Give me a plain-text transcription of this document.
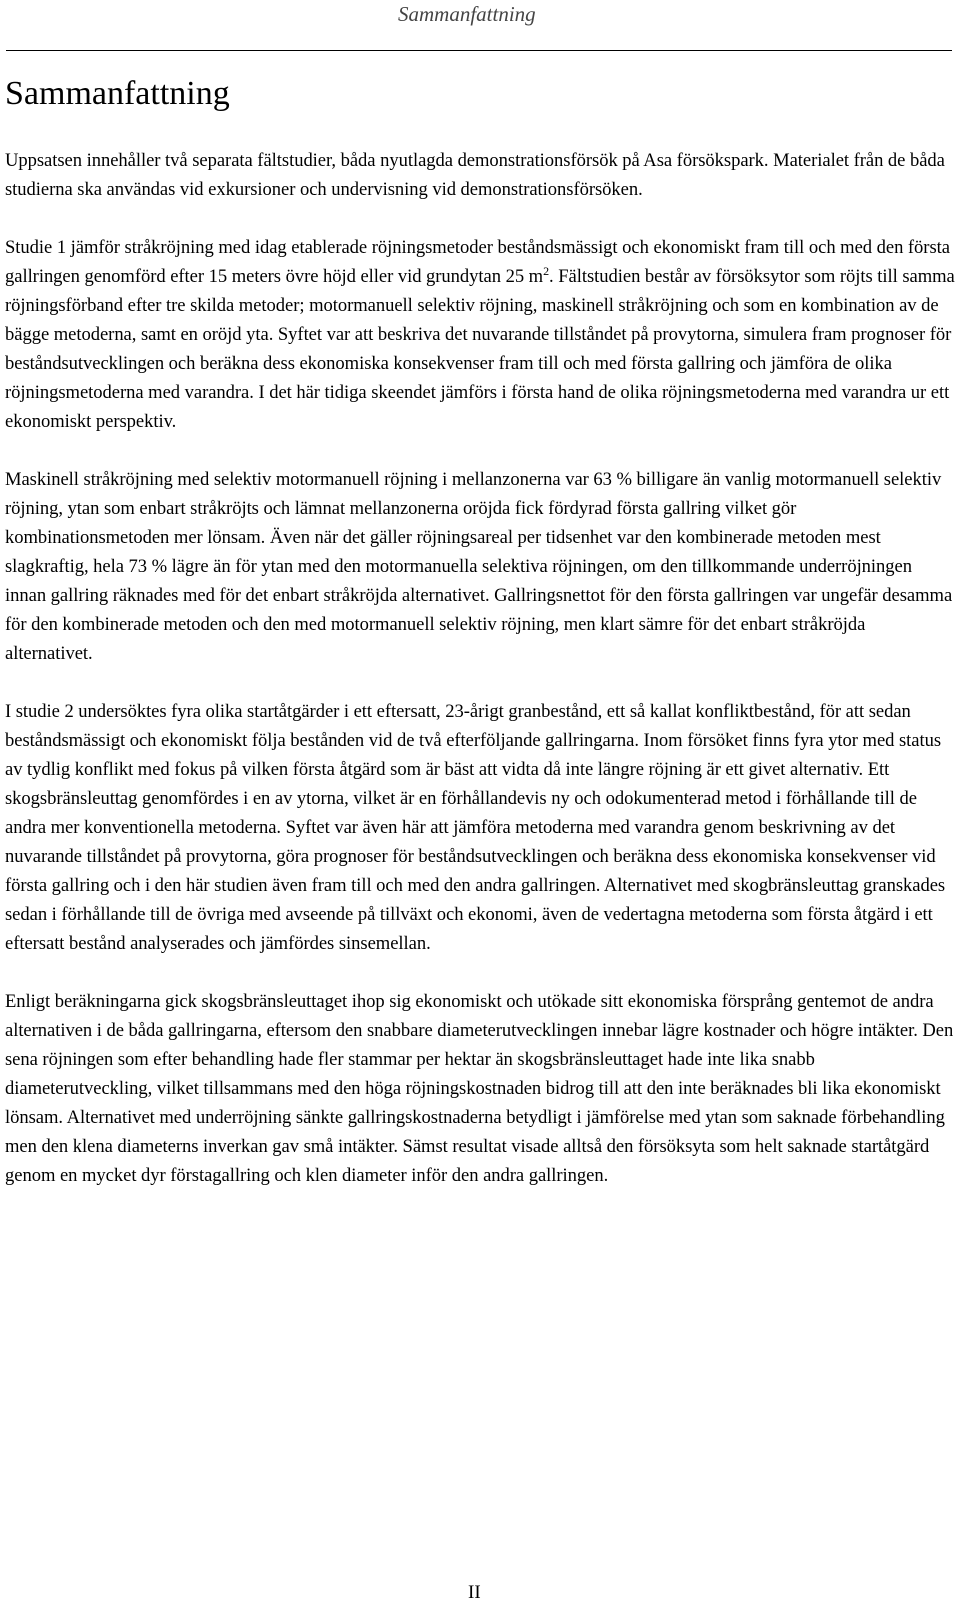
Sammanfattning
Sammanfattning

Uppsatsen innehåller två separata fältstudier, båda nyutlagda demonstrationsförsök på Asa försökspark. Materialet från de båda studierna ska användas vid exkursioner och undervisning vid demonstrationsförsöken.

Studie 1 jämför stråkröjning med idag etablerade röjningsmetoder beståndsmässigt och ekonomiskt fram till och med den första gallringen genomförd efter 15 meters övre höjd eller vid grundytan 25 $m^2$. Fältstudien består av försöksytor som röjts till samma röjningsförband efter tre skilda metoder; motormanuell selektiv röjning, maskinell stråkröjning och som en kombination av de bägge metoderna, samt en oröjd yta. Syftet var att beskriva det nuvarande tillståndet på provytorna, simulera fram prognoser för beståndsutvecklingen och beräkna dess ekonomiska konsekvenser fram till och med första gallring och jämföra de olika röjningsmetoderna med varandra. I det här tidiga skeendet jämförs i första hand de olika röjningsmetoderna med varandra ur ett ekonomiskt perspektiv.

Maskinell stråkröjning med selektiv motormanuell röjning i mellanzonerna var 63 % billigare än vanlig motormanuell selektiv röjning, ytan som enbart stråkröjts och lämnat mellanzonerna oröjda fick fördyrad första gallring vilket gör kombinationsmetoden mer lönsam. Även när det gäller röjningsareal per tidsenhet var den kombinerade metoden mest slagkraftig, hela 73 % lägre än för ytan med den motormanuella selektiva röjningen, om den tillkommande underröjningen innan gallring räknades med för det enbart stråkröjda alternativet. Gallringsnettot för den första gallringen var ungefär desamma för den kombinerade metoden och den med motormanuell selektiv röjning, men klart sämre för det enbart stråkröjda alternativet.

I studie 2 undersöktes fyra olika startåtgärder i ett eftersatt, 23-årigt granbestånd, ett så kallat konfliktbestånd, för att sedan beståndsmässigt och ekonomiskt följa bestånden vid de två efterföljande gallringarna. Inom försöket finns fyra ytor med status av tydlig konflikt med fokus på vilken första åtgärd som är bäst att vidta då inte längre röjning är ett givet alternativ. Ett skogsbränsleuttag genomfördes i en av ytorna, vilket är en förhållandevis ny och odokumenterad metod i förhållande till de andra mer konventionella metoderna. Syftet var även här att jämföra metoderna med varandra genom beskrivning av det nuvarande tillståndet på provytorna, göra prognoser för beståndsutvecklingen och beräkna dess ekonomiska konsekvenser vid första gallring och i den här studien även fram till och med den andra gallringen. Alternativet med skogbränsleuttag granskades sedan i förhållande till de övriga med avseende på tillväxt och ekonomi, även de vedertagna metoderna som första åtgärd i ett eftersatt bestånd analyserades och jämfördes sinsemellan.

Enligt beräkningarna gick skogsbränsleuttaget ihop sig ekonomiskt och utökade sitt ekonomiska försprång gentemot de andra alternativen i de båda gallringarna, eftersom den snabbare diameterutvecklingen innebar lägre kostnader och högre intäkter. Den sena röjningen som efter behandling hade fler stammar per hektar än skogsbränsleuttaget hade inte lika snabb diameterutveckling, vilket tillsammans med den höga röjningskostnaden bidrog till att den inte beräknades bli lika ekonomiskt lönsam. Alternativet med underröjning sänkte gallringskostnaderna betydligt i jämförelse med ytan som saknade förbehandling men den klena diameterns inverkan gav små intäkter. Sämst resultat visade alltså den försöksyta som helt saknade startåtgärd genom en mycket dyr förstagallring och klen diameter inför den andra gallringen.

II
